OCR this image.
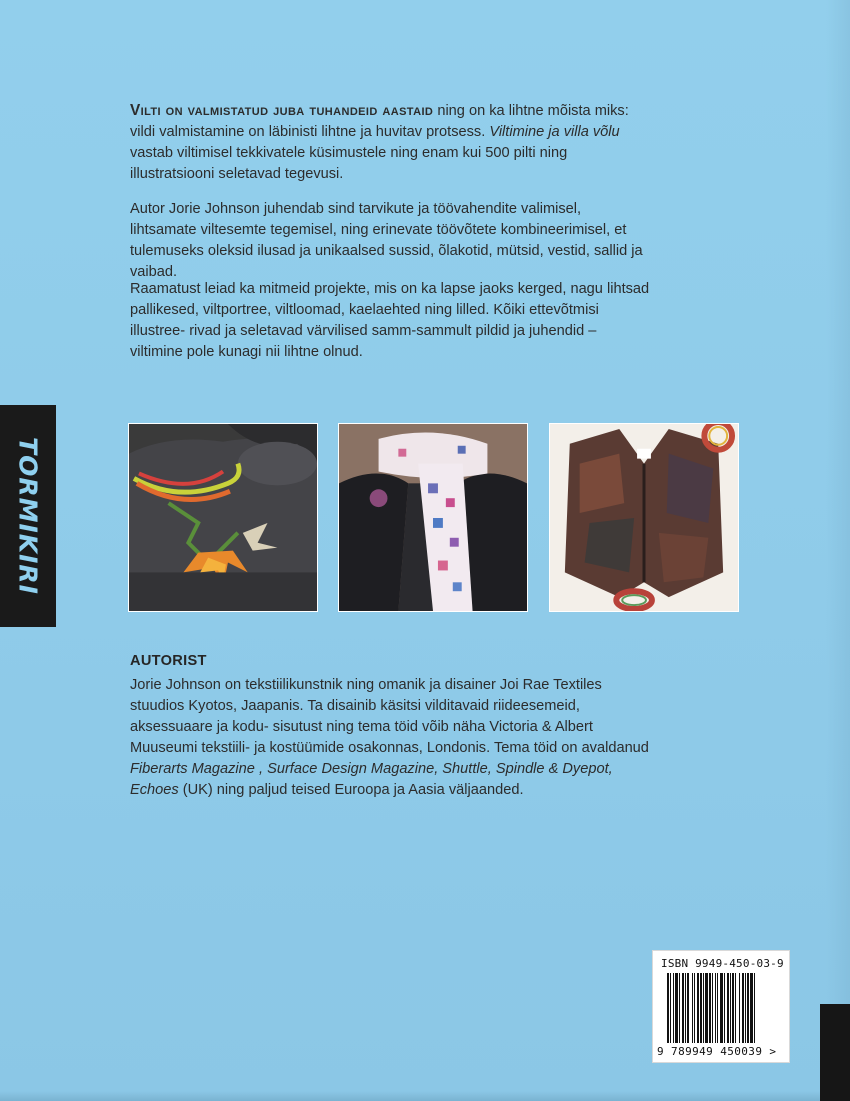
TORMIKIRI
Vilti on valmistatud juba tuhandeid aastaid ning on ka lihtne mõista miks: vildi valmistamine on läbinisti lihtne ja huvitav protsess. Viltimine ja villa võlu vastab viltimisel tekkivatele küsimustele ning enam kui 500 pilti ning illustratsiooni seletavad tegevusi.
Autor Jorie Johnson juhendab sind tarvikute ja töövahendite valimisel, lihtsamate viltesemte tegemisel, ning erinevate töövõtete kombineerimisel, et tulemuseks oleksid ilusad ja unikaalsed sussid, õlakotid, mütsid, vestid, sallid ja vaibad.
Raamatust leiad ka mitmeid projekte, mis on ka lapse jaoks kerged, nagu lihtsad pallikesed, viltportree, viltloomad, kaelaehted ning lilled. Kõiki ettevõtmisi illustree- rivad ja seletavad värvilised samm-sammult pildid ja juhendid – viltimine pole kunagi nii lihtne olnud.
AUTORIST
Jorie Johnson on tekstiilikunstnik ning omanik ja disainer Joi Rae Textiles stuudios Kyotos, Jaapanis. Ta disainib käsitsi vilditavaid riideesemeid, aksessuaare ja kodu- sisutust ning tema töid võib näha Victoria & Albert Muuseumi tekstiili- ja kostüümide osakonnas, Londonis. Tema töid on avaldanud Fiberarts Magazine , Surface Design Magazine, Shuttle, Spindle & Dyepot, Echoes (UK) ning paljud teised Euroopa ja Aasia väljaanded.
ISBN 9949-450-03-9
9 789949 450039 >
